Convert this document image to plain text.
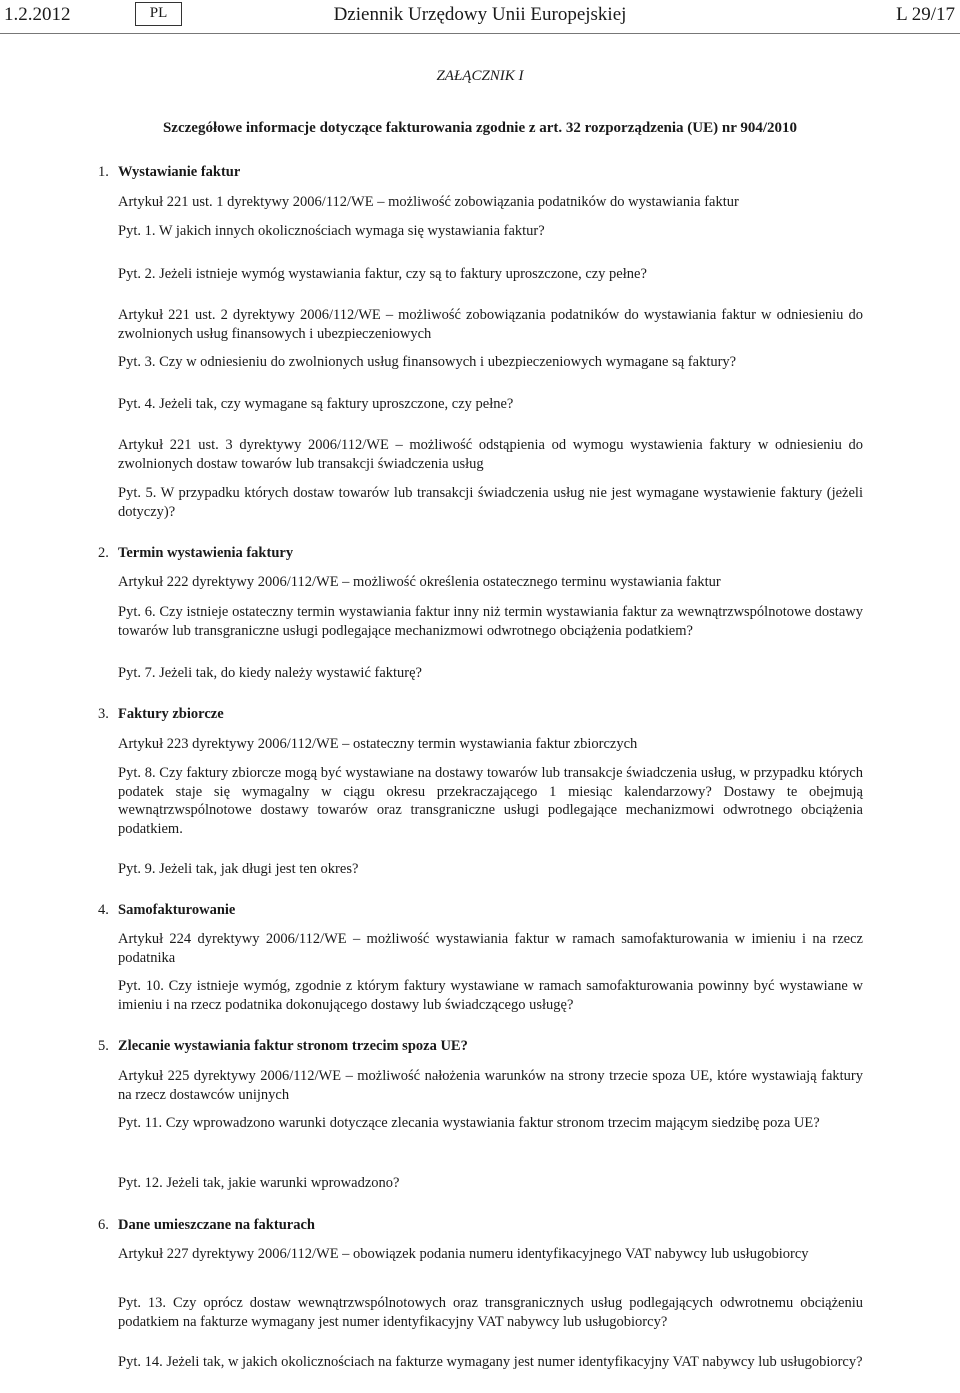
1.2.2012	PL	Dziennik Urzędowy Unii Europejskiej	L 29/17
ZAŁĄCZNIK I
Szczegółowe informacje dotyczące fakturowania zgodnie z art. 32 rozporządzenia (UE) nr 904/2010
1. Wystawianie faktur
Artykuł 221 ust. 1 dyrektywy 2006/112/WE – możliwość zobowiązania podatników do wystawiania faktur
Pyt. 1. W jakich innych okolicznościach wymaga się wystawiania faktur?
Pyt. 2. Jeżeli istnieje wymóg wystawiania faktur, czy są to faktury uproszczone, czy pełne?
Artykuł 221 ust. 2 dyrektywy 2006/112/WE – możliwość zobowiązania podatników do wystawiania faktur w odniesieniu do zwolnionych usług finansowych i ubezpieczeniowych
Pyt. 3. Czy w odniesieniu do zwolnionych usług finansowych i ubezpieczeniowych wymagane są faktury?
Pyt. 4. Jeżeli tak, czy wymagane są faktury uproszczone, czy pełne?
Artykuł 221 ust. 3 dyrektywy 2006/112/WE – możliwość odstąpienia od wymogu wystawienia faktury w odniesieniu do zwolnionych dostaw towarów lub transakcji świadczenia usług
Pyt. 5. W przypadku których dostaw towarów lub transakcji świadczenia usług nie jest wymagane wystawienie faktury (jeżeli dotyczy)?
2. Termin wystawienia faktury
Artykuł 222 dyrektywy 2006/112/WE – możliwość określenia ostatecznego terminu wystawiania faktur
Pyt. 6. Czy istnieje ostateczny termin wystawiania faktur inny niż termin wystawiania faktur za wewnątrzwspólnotowe dostawy towarów lub transgraniczne usługi podlegające mechanizmowi odwrotnego obciążenia podatkiem?
Pyt. 7. Jeżeli tak, do kiedy należy wystawić fakturę?
3. Faktury zbiorcze
Artykuł 223 dyrektywy 2006/112/WE – ostateczny termin wystawiania faktur zbiorczych
Pyt. 8. Czy faktury zbiorcze mogą być wystawiane na dostawy towarów lub transakcje świadczenia usług, w przypadku których podatek staje się wymagalny w ciągu okresu przekraczającego 1 miesiąc kalendarzowy? Dostawy te obejmują wewnątrzwspólnotowe dostawy towarów oraz transgraniczne usługi podlegające mechanizmowi odwrotnego obciążenia podatkiem.
Pyt. 9. Jeżeli tak, jak długi jest ten okres?
4. Samofakturowanie
Artykuł 224 dyrektywy 2006/112/WE – możliwość wystawiania faktur w ramach samofakturowania w imieniu i na rzecz podatnika
Pyt. 10. Czy istnieje wymóg, zgodnie z którym faktury wystawiane w ramach samofakturowania powinny być wystawiane w imieniu i na rzecz podatnika dokonującego dostawy lub świadczącego usługę?
5. Zlecanie wystawiania faktur stronom trzecim spoza UE?
Artykuł 225 dyrektywy 2006/112/WE – możliwość nałożenia warunków na strony trzecie spoza UE, które wystawiają faktury na rzecz dostawców unijnych
Pyt. 11. Czy wprowadzono warunki dotyczące zlecania wystawiania faktur stronom trzecim mającym siedzibę poza UE?
Pyt. 12. Jeżeli tak, jakie warunki wprowadzono?
6. Dane umieszczane na fakturach
Artykuł 227 dyrektywy 2006/112/WE – obowiązek podania numeru identyfikacyjnego VAT nabywcy lub usługobiorcy
Pyt. 13. Czy oprócz dostaw wewnątrzwspólnotowych oraz transgranicznych usług podlegających odwrotnemu obciążeniu podatkiem na fakturze wymagany jest numer identyfikacyjny VAT nabywcy lub usługobiorcy?
Pyt. 14. Jeżeli tak, w jakich okolicznościach na fakturze wymagany jest numer identyfikacyjny VAT nabywcy lub usługobiorcy?
